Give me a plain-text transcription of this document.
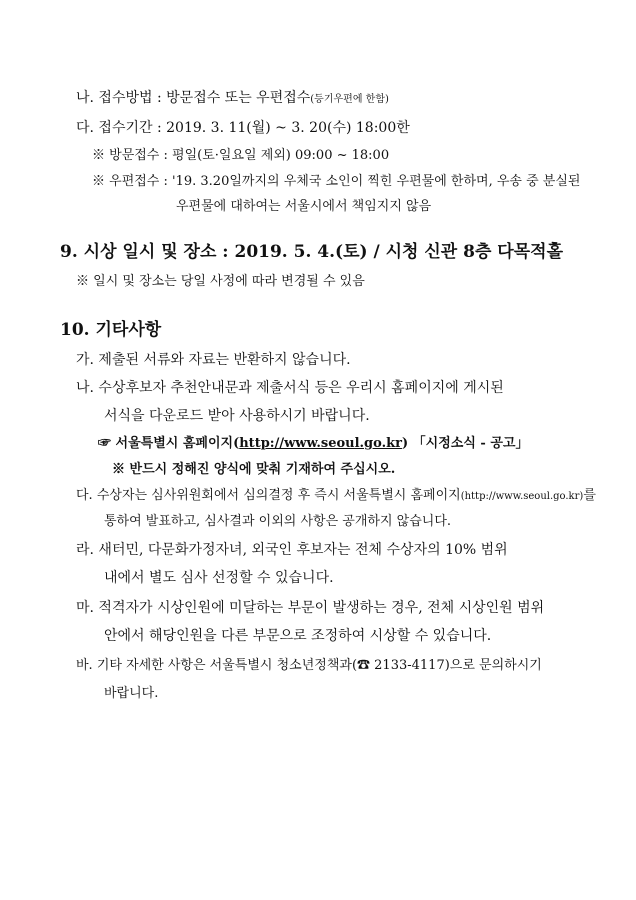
나. 접수방법 : 방문접수 또는 우편접수(등기우편에 한함)
다. 접수기간 : 2019. 3. 11(월) ~ 3. 20(수) 18:00한
※ 방문접수 : 평일(토·일요일 제외) 09:00 ~ 18:00
※ 우편접수 : '19. 3.20일까지의 우체국 소인이 찍힌 우편물에 한하며, 우송 중 분실된
우편물에 대하여는 서울시에서 책임지지 않음
9. 시상 일시 및 장소 : 2019. 5. 4.(토) / 시청 신관 8층 다목적홀
※ 일시 및 장소는 당일 사정에 따라 변경될 수 있음
10. 기타사항
가. 제출된 서류와 자료는 반환하지 않습니다.
나. 수상후보자 추천안내문과 제출서식 등은 우리시 홈페이지에 게시된
서식을 다운로드 받아 사용하시기 바랍니다.
☞ 서울특별시 홈페이지(http://www.seoul.go.kr) 「시정소식 - 공고」
※ 반드시 정해진 양식에 맞춰 기재하여 주십시오.
다. 수상자는 심사위원회에서 심의결정 후 즉시 서울특별시 홈페이지(http://www.seoul.go.kr)를
통하여 발표하고, 심사결과 이외의 사항은 공개하지 않습니다.
라. 새터민, 다문화가정자녀, 외국인 후보자는 전체 수상자의 10% 범위
내에서 별도 심사 선정할 수 있습니다.
마. 적격자가 시상인원에 미달하는 부문이 발생하는 경우, 전체 시상인원 범위
안에서 해당인원을 다른 부문으로 조정하여 시상할 수 있습니다.
바. 기타 자세한 사항은 서울특별시 청소년정책과(☎ 2133-4117)으로 문의하시기
바랍니다.
